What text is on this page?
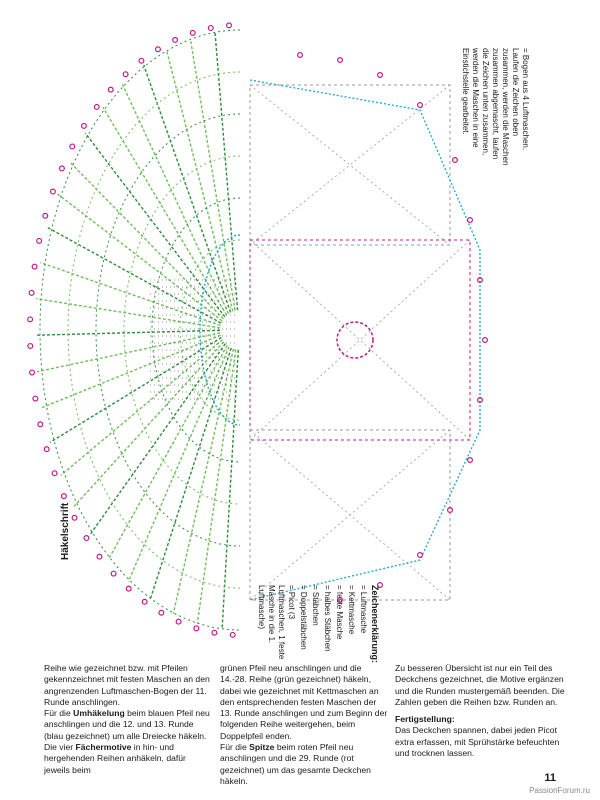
Häkelschrift
= Bogen aus 4 Luftmaschen. Laufen die Zeichen oben zusammen, werden die Maschen zusammen abgemascht, laufen die Zeichen unten zusammen, werden die Maschen in eine Einstichstelle gearbeitet.
Zeichenerklärung:
= Luftmasche
= Kettmasche
= feste Masche
= halbes Stäbchen
= Stäbchen
= Doppelstäbchen
= Picot (3 Luftmaschen, 1 feste Masche in die 1. Luftmasche)

Reihe wie gezeichnet bzw. mit Pfeilen gekennzeichnet mit festen Maschen an den angrenzenden Luftmaschen-Bogen der 11. Runde anschlingen.

Für die Umhäkelung beim blauen Pfeil neu anschlingen und die 12. und 13. Runde (blau gezeichnet) um alle Dreiecke häkeln.

Die vier Fächermotive in hin- und hergehenden Reihen anhäkeln, dafür jeweils beim

grünen Pfeil neu anschlingen und die 14.-28. Reihe (grün gezeichnet) häkeln, dabei wie gezeichnet mit Kettmaschen an den entsprechenden festen Maschen der 13. Runde anschlingen und zum Beginn der folgenden Reihe weitergehen, beim Doppelpfeil enden.

Für die Spitze beim roten Pfeil neu anschlingen und die 29. Runde (rot gezeichnet) um das gesamte Deckchen häkeln.

Zu besseren Übersicht ist nur ein Teil des Deckchens gezeichnet, die Motive ergänzen und die Runden mustergemäß beenden. Die Zahlen geben die Reihen bzw. Runden an.

Fertigstellung:

Das Deckchen spannen, dabei jeden Picot extra erfassen, mit Sprühstärke befeuchten und trocknen lassen.

11
PassionForum.ru
